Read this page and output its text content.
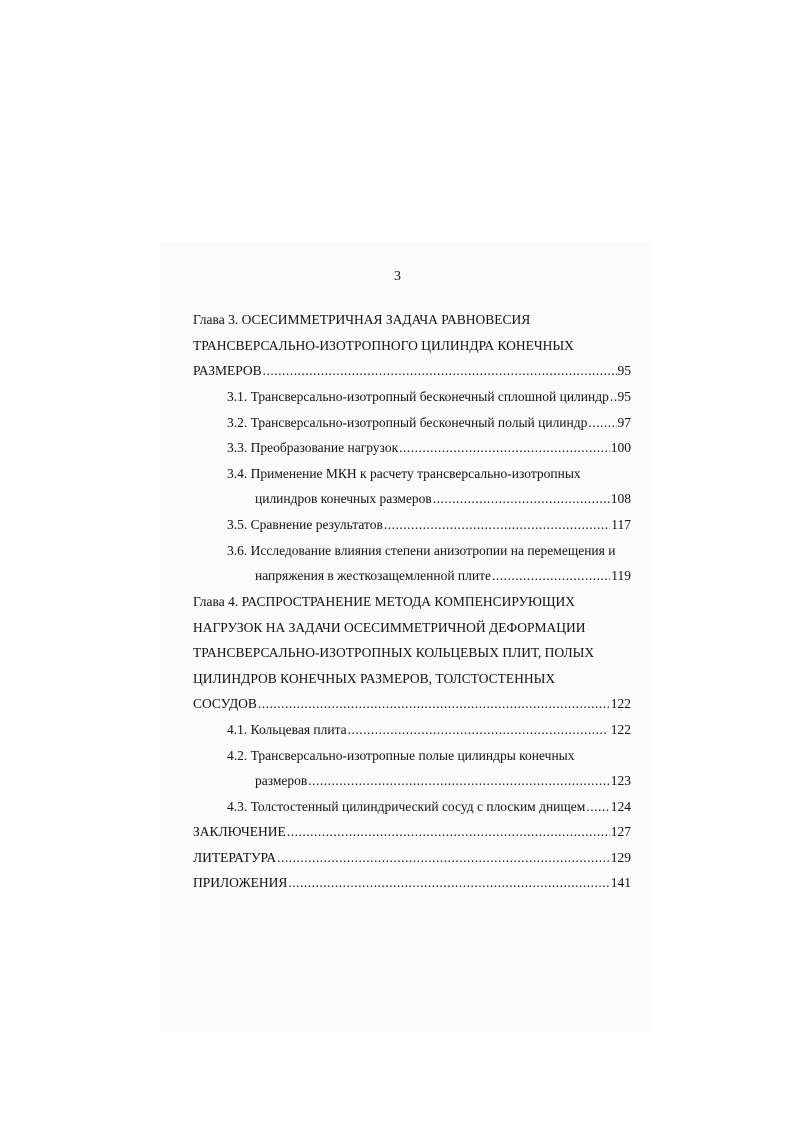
3
Глава 3. ОСЕСИММЕТРИЧНАЯ ЗАДАЧА РАВНОВЕСИЯ
ТРАНСВЕРСАЛЬНО-ИЗОТРОПНОГО ЦИЛИНДРА КОНЕЧНЫХ
РАЗМЕРОВ .....	95
3.1. Трансверсально-изотропный бесконечный сплошной цилиндр ..... 95
3.2. Трансверсально-изотропный бесконечный полый цилиндр ..... 97
3.3. Преобразование нагрузок .....	100
3.4. Применение МКН к расчету трансверсально-изотропных
цилиндров конечных размеров .....	108
3.5. Сравнение результатов .....	117
3.6. Исследование влияния степени анизотропии на перемещения и
напряжения в жесткозащемленной плите .....	119
Глава 4. РАСПРОСТРАНЕНИЕ МЕТОДА КОМПЕНСИРУЮЩИХ
НАГРУЗОК НА ЗАДАЧИ ОСЕСИММЕТРИЧНОЙ ДЕФОРМАЦИИ
ТРАНСВЕРСАЛЬНО-ИЗОТРОПНЫХ КОЛЬЦЕВЫХ ПЛИТ, ПОЛЫХ
ЦИЛИНДРОВ КОНЕЧНЫХ РАЗМЕРОВ, ТОЛСТОСТЕННЫХ
СОСУДОВ .....	122
4.1. Кольцевая плита .....	122
4.2. Трансверсально-изотропные полые цилиндры конечных
размеров .....	123
4.3. Толстостенный цилиндрический сосуд с плоским днищем ..... 124
ЗАКЛЮЧЕНИЕ .....	127
ЛИТЕРАТУРА .....	129
ПРИЛОЖЕНИЯ .....	141
